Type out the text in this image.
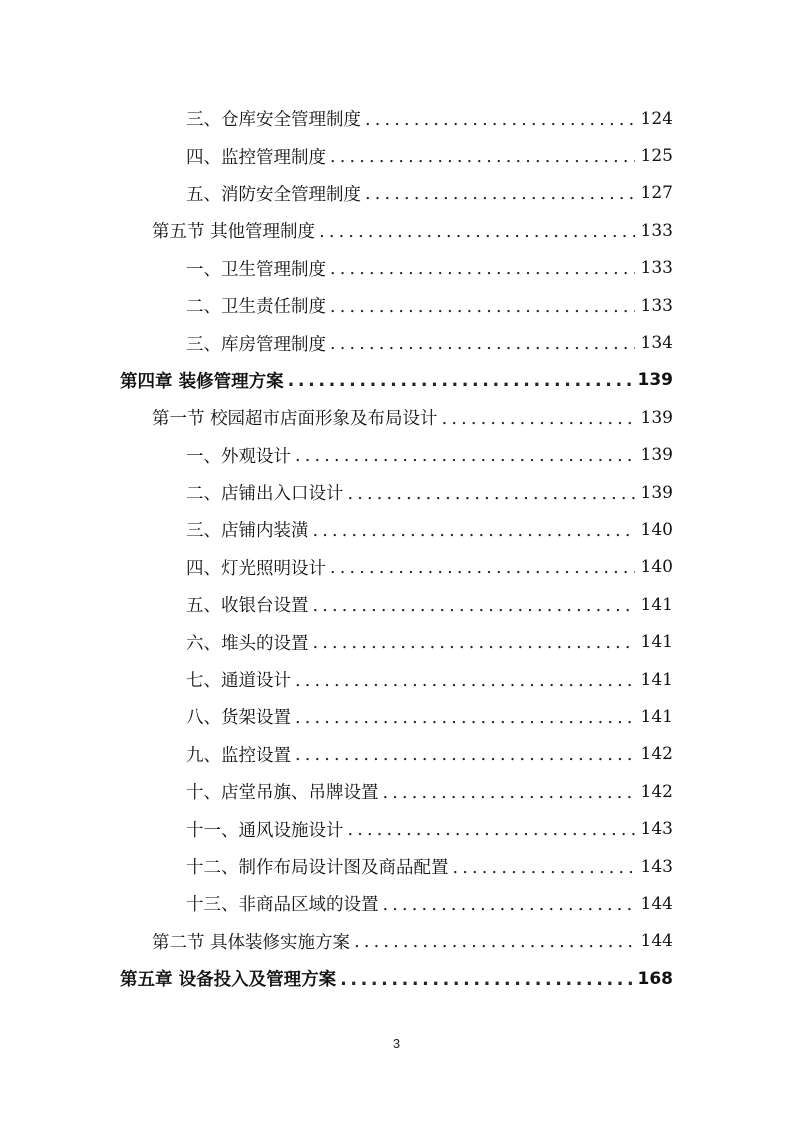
三、仓库安全管理制度 .....	124
四、监控管理制度 .....	125
五、消防安全管理制度 .....	127
第五节 其他管理制度 .....	133
一、卫生管理制度 .....	133
二、卫生责任制度 .....	133
三、库房管理制度 .....	134
第四章 装修管理方案 .....	139
第一节 校园超市店面形象及布局设计 .....	139
一、外观设计 .....	139
二、店铺出入口设计 .....	139
三、店铺内装潢 .....	140
四、灯光照明设计 .....	140
五、收银台设置 .....	141
六、堆头的设置 .....	141
七、通道设计 .....	141
八、货架设置 .....	141
九、监控设置 .....	142
十、店堂吊旗、吊牌设置 .....	142
十一、通风设施设计 .....	143
十二、制作布局设计图及商品配置 .....	143
十三、非商品区域的设置 .....	144
第二节 具体装修实施方案 .....	144
第五章 设备投入及管理方案 .....	168
3
